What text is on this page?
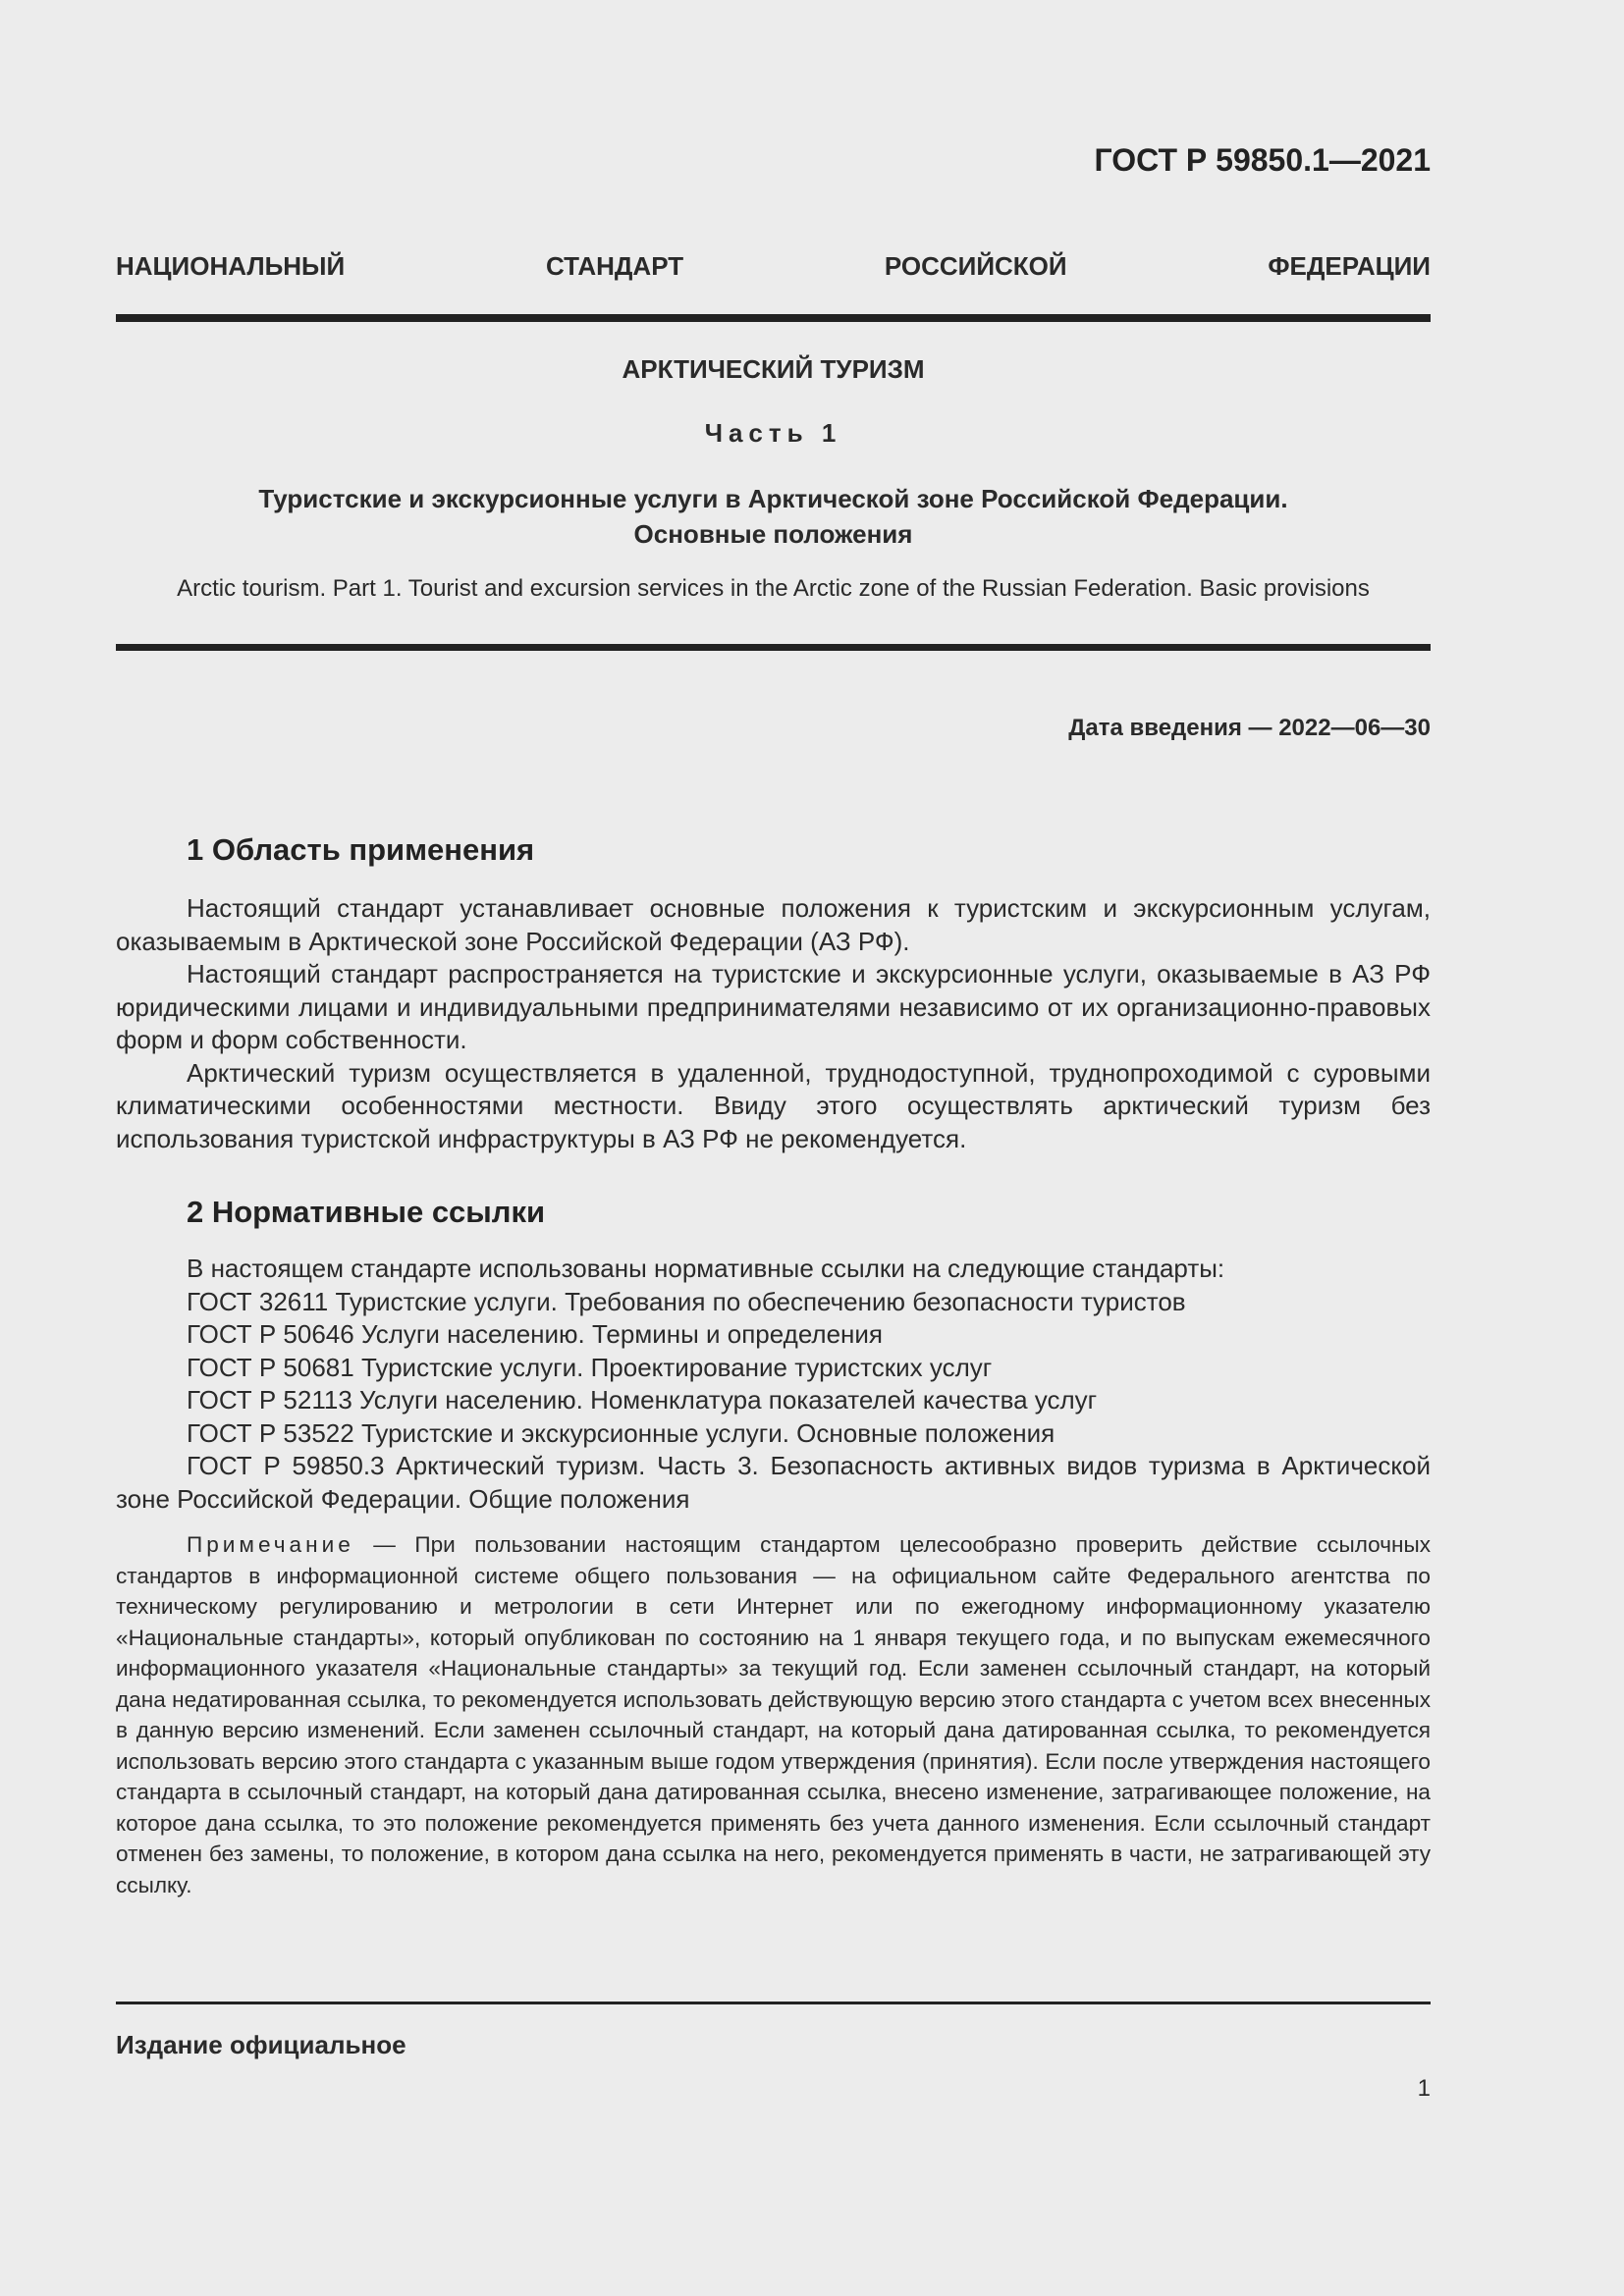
ГОСТ Р 59850.1—2021
НАЦИОНАЛЬНЫЙ	СТАНДАРТ	РОССИЙСКОЙ	ФЕДЕРАЦИИ
АРКТИЧЕСКИЙ ТУРИЗМ
Часть 1
Туристские и экскурсионные услуги в Арктической зоне Российской Федерации.
Основные положения
Arctic tourism. Part 1. Tourist and excursion services in the Arctic zone of the Russian Federation. Basic provisions
Дата введения — 2022—06—30
1 Область применения

Настоящий стандарт устанавливает основные положения к туристским и экскурсионным услугам, оказываемым в Арктической зоне Российской Федерации (АЗ РФ).

Настоящий стандарт распространяется на туристские и экскурсионные услуги, оказываемые в АЗ РФ юридическими лицами и индивидуальными предпринимателями независимо от их организационно-правовых форм и форм собственности.

Арктический туризм осуществляется в удаленной, труднодоступной, труднопроходимой с суровыми климатическими особенностями местности. Ввиду этого осуществлять арктический туризм без использования туристской инфраструктуры в АЗ РФ не рекомендуется.

2 Нормативные ссылки

В настоящем стандарте использованы нормативные ссылки на следующие стандарты:

ГОСТ 32611 Туристские услуги. Требования по обеспечению безопасности туристов

ГОСТ Р 50646 Услуги населению. Термины и определения

ГОСТ Р 50681 Туристские услуги. Проектирование туристских услуг

ГОСТ Р 52113 Услуги населению. Номенклатура показателей качества услуг

ГОСТ Р 53522 Туристские и экскурсионные услуги. Основные положения

ГОСТ Р 59850.3 Арктический туризм. Часть 3. Безопасность активных видов туризма в Арктической зоне Российской Федерации. Общие положения

Примечание — При пользовании настоящим стандартом целесообразно проверить действие ссылочных стандартов в информационной системе общего пользования — на официальном сайте Федерального агентства по техническому регулированию и метрологии в сети Интернет или по ежегодному информационному указателю «Национальные стандарты», который опубликован по состоянию на 1 января текущего года, и по выпускам ежемесячного информационного указателя «Национальные стандарты» за текущий год. Если заменен ссылочный стандарт, на который дана недатированная ссылка, то рекомендуется использовать действующую версию этого стандарта с учетом всех внесенных в данную версию изменений. Если заменен ссылочный стандарт, на который дана датированная ссылка, то рекомендуется использовать версию этого стандарта с указанным выше годом утверждения (принятия). Если после утверждения настоящего стандарта в ссылочный стандарт, на который дана датированная ссылка, внесено изменение, затрагивающее положение, на которое дана ссылка, то это положение рекомендуется применять без учета данного изменения. Если ссылочный стандарт отменен без замены, то положение, в котором дана ссылка на него, рекомендуется применять в части, не затрагивающей эту ссылку.
Издание официальное
1
